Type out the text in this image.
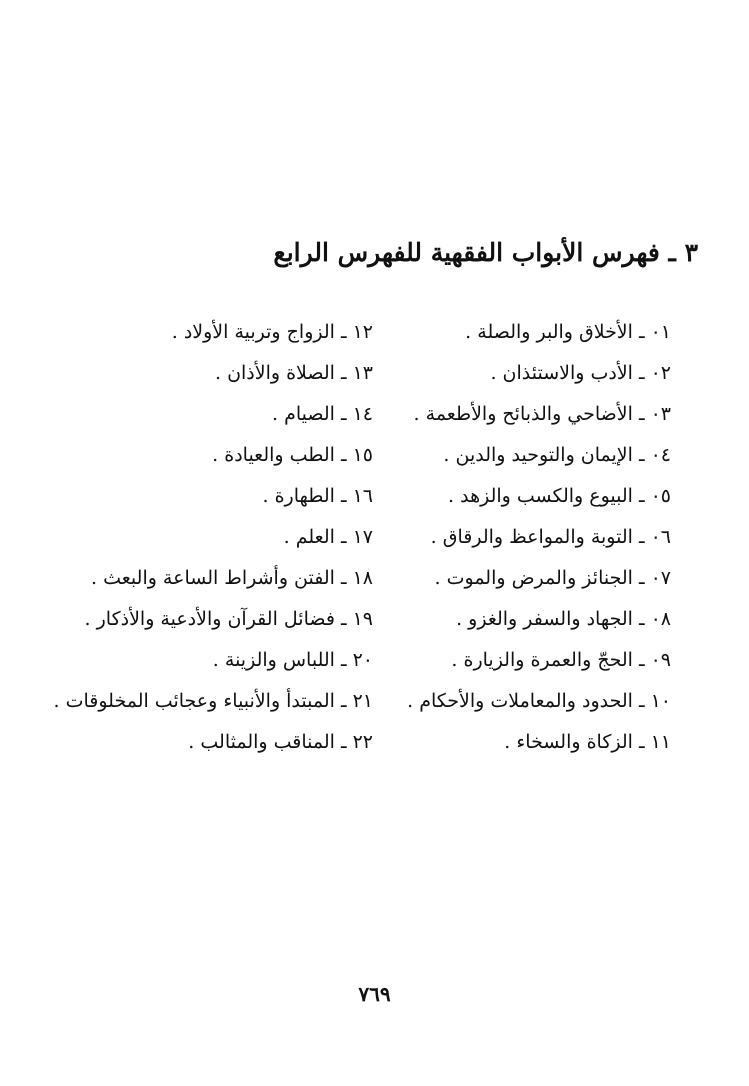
٣ ـ فهرس الأبواب الفقهية للفهرس الرابع
٠١ ـ الأخلاق والبر والصلة .
٠٢ ـ الأدب والاستئذان .
٠٣ ـ الأضاحي والذبائح والأطعمة .
٠٤ ـ الإيمان والتوحيد والدين .
٠٥ ـ البيوع والكسب والزهد .
٠٦ ـ التوبة والمواعظ والرقاق .
٠٧ ـ الجنائز والمرض والموت .
٠٨ ـ الجهاد والسفر والغزو .
٠٩ ـ الحجّ والعمرة والزيارة .
١٠ ـ الحدود والمعاملات والأحكام .
١١ ـ الزكاة والسخاء .
١٢ ـ الزواج وتربية الأولاد .
١٣ ـ الصلاة والأذان .
١٤ ـ الصيام .
١٥ ـ الطب والعيادة .
١٦ ـ الطهارة .
١٧ ـ العلم .
١٨ ـ الفتن وأشراط الساعة والبعث .
١٩ ـ فضائل القرآن والأدعية والأذكار .
٢٠ ـ اللباس والزينة .
٢١ ـ المبتدأ والأنبياء وعجائب المخلوقات .
٢٢ ـ المناقب والمثالب .
٧٦٩
